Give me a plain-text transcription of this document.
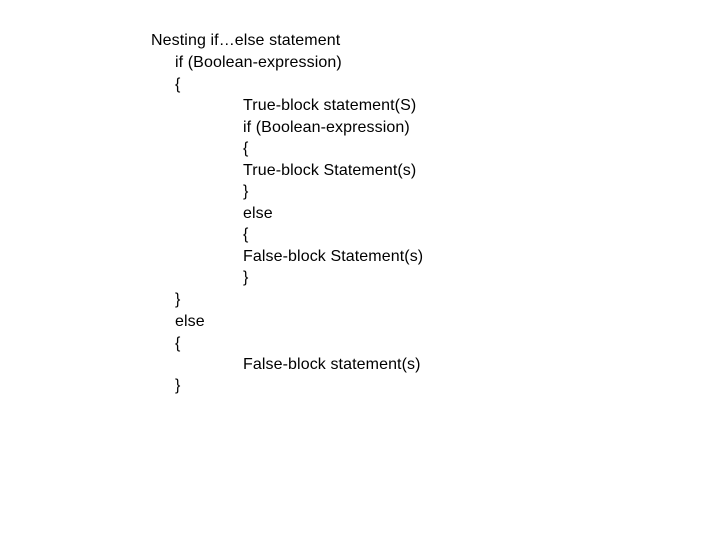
Nesting if…else statement
if (Boolean-expression)
{
True-block statement(S)
if (Boolean-expression)
{
True-block Statement(s)
}
else
{
False-block Statement(s)
}
}
else
{
False-block statement(s)
}
